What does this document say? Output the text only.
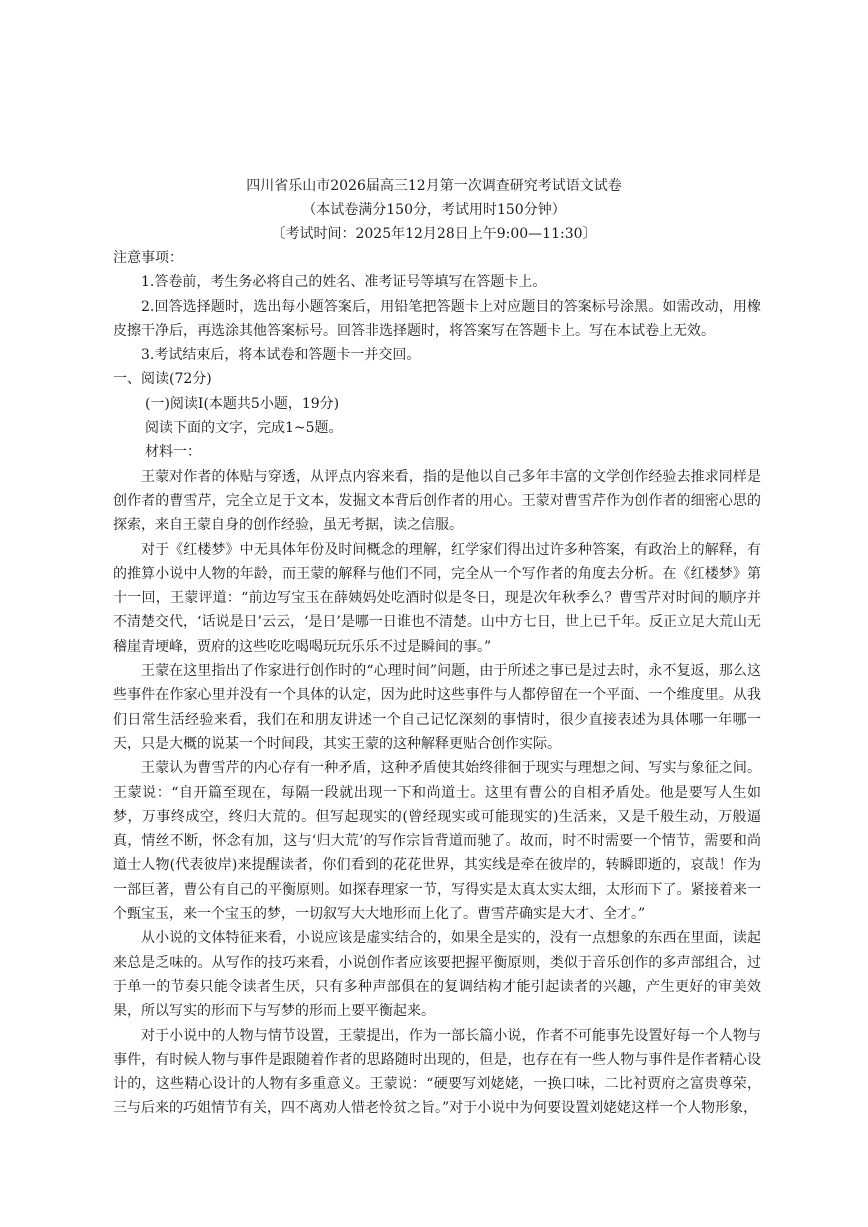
四川省乐山市2026届高三12月第一次调查研究考试语文试卷
（本试卷满分150分，考试用时150分钟）
〔考试时间：2025年12月28日上午9:00—11:30〕

注意事项：

1.答卷前，考生务必将自己的姓名、准考证号等填写在答题卡上。

2.回答选择题时，选出每小题答案后，用铅笔把答题卡上对应题目的答案标号涂黑。如需改动，用橡皮擦干净后，再选涂其他答案标号。回答非选择题时，将答案写在答题卡上。写在本试卷上无效。

3.考试结束后，将本试卷和答题卡一并交回。

一、阅读(72分)

(一)阅读Ⅰ(本题共5小题，19分)

阅读下面的文字，完成1~5题。

材料一：

王蒙对作者的体贴与穿透，从评点内容来看，指的是他以自己多年丰富的文学创作经验去推求同样是创作者的曹雪芹，完全立足于文本，发掘文本背后创作者的用心。王蒙对曹雪芹作为创作者的细密心思的探索，来自王蒙自身的创作经验，虽无考据，读之信服。

对于《红楼梦》中无具体年份及时间概念的理解，红学家们得出过许多种答案，有政治上的解释，有的推算小说中人物的年龄，而王蒙的解释与他们不同，完全从一个写作者的角度去分析。在《红楼梦》第十一回，王蒙评道：“前边写宝玉在薛姨妈处吃酒时似是冬日，现是次年秋季么？曹雪芹对时间的顺序并不清楚交代，‘话说是日’云云，‘是日’是哪一日谁也不清楚。山中方七日，世上已千年。反正立足大荒山无稽崖青埂峰，贾府的这些吃吃喝喝玩玩乐乐不过是瞬间的事。”

王蒙在这里指出了作家进行创作时的“心理时间”问题，由于所述之事已是过去时，永不复返，那么这些事件在作家心里并没有一个具体的认定，因为此时这些事件与人都停留在一个平面、一个维度里。从我们日常生活经验来看，我们在和朋友讲述一个自己记忆深刻的事情时，很少直接表述为具体哪一年哪一天，只是大概的说某一个时间段，其实王蒙的这种解释更贴合创作实际。

王蒙认为曹雪芹的内心存有一种矛盾，这种矛盾使其始终徘徊于现实与理想之间、写实与象征之间。王蒙说：“自开篇至现在，每隔一段就出现一下和尚道士。这里有曹公的自相矛盾处。他是要写人生如梦，万事终成空，终归大荒的。但写起现实的(曾经现实或可能现实的)生活来，又是千般生动，万般逼真，情丝不断，怀念有加，这与‘归大荒’的写作宗旨背道而驰了。故而，时不时需要一个情节，需要和尚道士人物(代表彼岸)来提醒读者，你们看到的花花世界，其实线是牵在彼岸的，转瞬即逝的，哀哉！作为一部巨著，曹公有自己的平衡原则。如探春理家一节，写得实是太真太实太细，太形而下了。紧接着来一个甄宝玉，来一个宝玉的梦，一切叙写大大地形而上化了。曹雪芹确实是大才、全才。”

从小说的文体特征来看，小说应该是虚实结合的，如果全是实的，没有一点想象的东西在里面，读起来总是乏味的。从写作的技巧来看，小说创作者应该要把握平衡原则，类似于音乐创作的多声部组合，过于单一的节奏只能令读者生厌，只有多种声部俱在的复调结构才能引起读者的兴趣，产生更好的审美效果，所以写实的形而下与写梦的形而上要平衡起来。

对于小说中的人物与情节设置，王蒙提出，作为一部长篇小说，作者不可能事先设置好每一个人物与事件，有时候人物与事件是跟随着作者的思路随时出现的，但是，也存在有一些人物与事件是作者精心设计的，这些精心设计的人物有多重意义。王蒙说：“硬要写刘姥姥，一换口味，二比衬贾府之富贵尊荣，三与后来的巧姐情节有关，四不离劝人惜老怜贫之旨。”对于小说中为何要设置刘姥姥这样一个人物形象，
